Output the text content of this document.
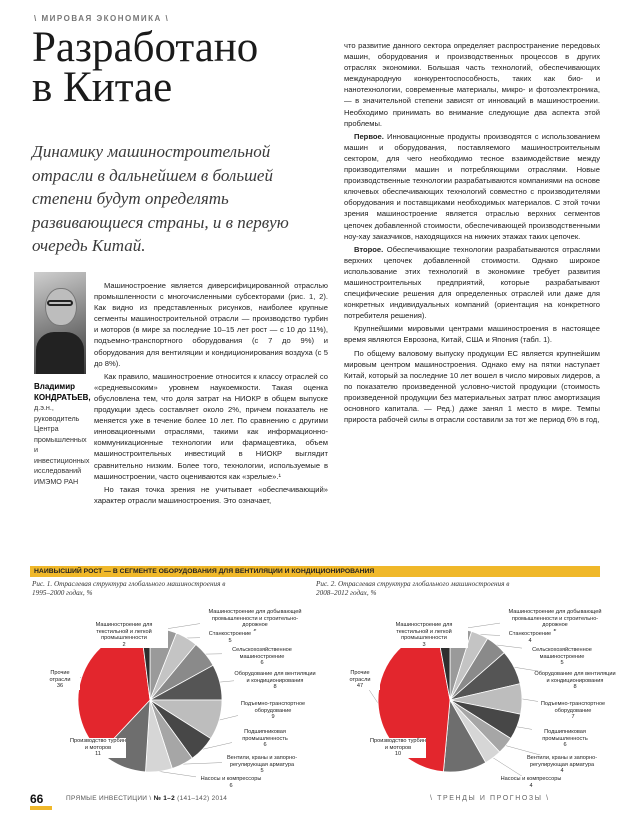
\ МИРОВАЯ ЭКОНОМИКА \
Разработано
в Китае
Динамику машиностроительной отрасли в дальнейшем в большей степени будут определять развивающиеся страны, и в первую очередь Китай.
Владимир
КОНДРАТЬЕВ,
д.э.н., руководитель
Центра промышленных и инвестиционных исследований ИМЭМО РАН

Машиностроение является диверсифицированной отраслью промышленности с многочисленными субсекторами (рис. 1, 2). Как видно из представленных рисунков, наиболее крупные сегменты машиностроительной отрасли — производство турбин и моторов (в мире за последние 10–15 лет рост — с 10 до 11%), подъемно-транспортного оборудования (с 7 до 9%) и оборудования для вентиляции и кондиционирования воздуха (с 5 до 8%).

Как правило, машиностроение относится к классу отраслей со «средневысоким» уровнем наукоемкости. Такая оценка обусловлена тем, что доля затрат на НИОКР в общем выпуске продукции здесь составляет около 2%, причем показатель не меняется уже в течение более 10 лет. По сравнению с другими инновационными отраслями, такими как информационно-коммуникационные технологии или фармацевтика, объем машиностроительных инвестиций в НИОКР выглядит сравнительно низким. Более того, технологии, используемые в машиностроении, часто оцениваются как «зрелые».¹

Но такая точка зрения не учитывает «обеспечивающий» характер отрасли машиностроения. Это означает,

что развитие данного сектора определяет распространение передовых машин, оборудования и производственных процессов в других отраслях экономики. Большая часть технологий, обеспечивающих международную конкурентоспособность, таких как био- и нанотехнологии, современные материалы, микро- и фотоэлектроника, — в значительной степени зависят от инноваций в машиностроении. Необходимо принимать во внимание следующие два аспекта этой проблемы.

Первое. Инновационные продукты производятся с использованием машин и оборудования, поставляемого машиностроительным сектором, для чего необходимо тесное взаимодействие между производителями машин и потребляющими отраслями. Новые производственные технологии разрабатываются компаниями на основе ключевых обеспечивающих технологий совместно с производителями оборудования и поставщиками необходимых материалов. С этой точки зрения машиностроение является отраслью верхних сегментов цепочек добавленной стоимости, обеспечивающей производственными ноу-хау заказчиков, находящихся на нижних этажах таких цепочек.

Второе. Обеспечивающие технологии разрабатываются отраслями верхних цепочек добавленной стоимости. Однако широкое использование этих технологий в экономике требует развития машиностроительных предприятий, которые разрабатывают специфические решения для определенных отраслей или даже для конкретных индивидуальных компаний (ориентация на конкретного потребителя решения).

Крупнейшими мировыми центрами машиностроения в настоящее время являются Еврозона, Китай, США и Япония (табл. 1).

По общему валовому выпуску продукции ЕС является крупнейшим мировым центром машиностроения. Однако ему на пятки наступает Китай, который за последние 10 лет вошел в число мировых лидеров, а по показателю произведенной условно-чистой продукции (стоимость произведенной продукции без материальных затрат плюс амортизация основного капитала. — Ред.) даже занял 1 место в мире. Темпы прироста рабочей силы в отрасли составили за тот же период 6% в год,

НАИВЫСШИЙ РОСТ — В СЕГМЕНТЕ ОБОРУДОВАНИЯ ДЛЯ ВЕНТИЛЯЦИИ И КОНДИЦИОНИРОВАНИЯ
Рис. 1. Отраслевая структура глобального машиностроения в 1995–2000 годах, %
Рис. 2. Отраслевая структура глобального машиностроения в 2008–2012 годах, %
Машиностроение для добывающей промышленности и строительно-дорожное
Станкостроение
5
Сельскохозяйственное машиностроение
6
Оборудование для вентиляции и кондиционирования
8
Подъемно-транспортное оборудование
9
Подшипниковая промышленность
6
Вентили, краны и запорно-регулирующая арматура
5
Насосы и компрессоры
6
Производство турбин и моторов
11
Прочие отрасли
36
Машиностроение для текстильной и легкой промышленности
2
Машиностроение для добывающей промышленности и строительно-дорожное
Станкостроение
4
Сельскохозяйственное машиностроение
5
Оборудование для вентиляции и кондиционирования
8
Подъемно-транспортное оборудование
7
Подшипниковая промышленность
6
Вентили, краны и запорно-регулирующая арматура
4
Насосы и компрессоры
4
Производство турбин и моторов
10
Прочие отрасли
47
Машиностроение для текстильной и легкой промышленности
3
66	ПРЯМЫЕ ИНВЕСТИЦИИ \ № 1–2 (141–142) 2014	\ ТРЕНДЫ И ПРОГНОЗЫ \
